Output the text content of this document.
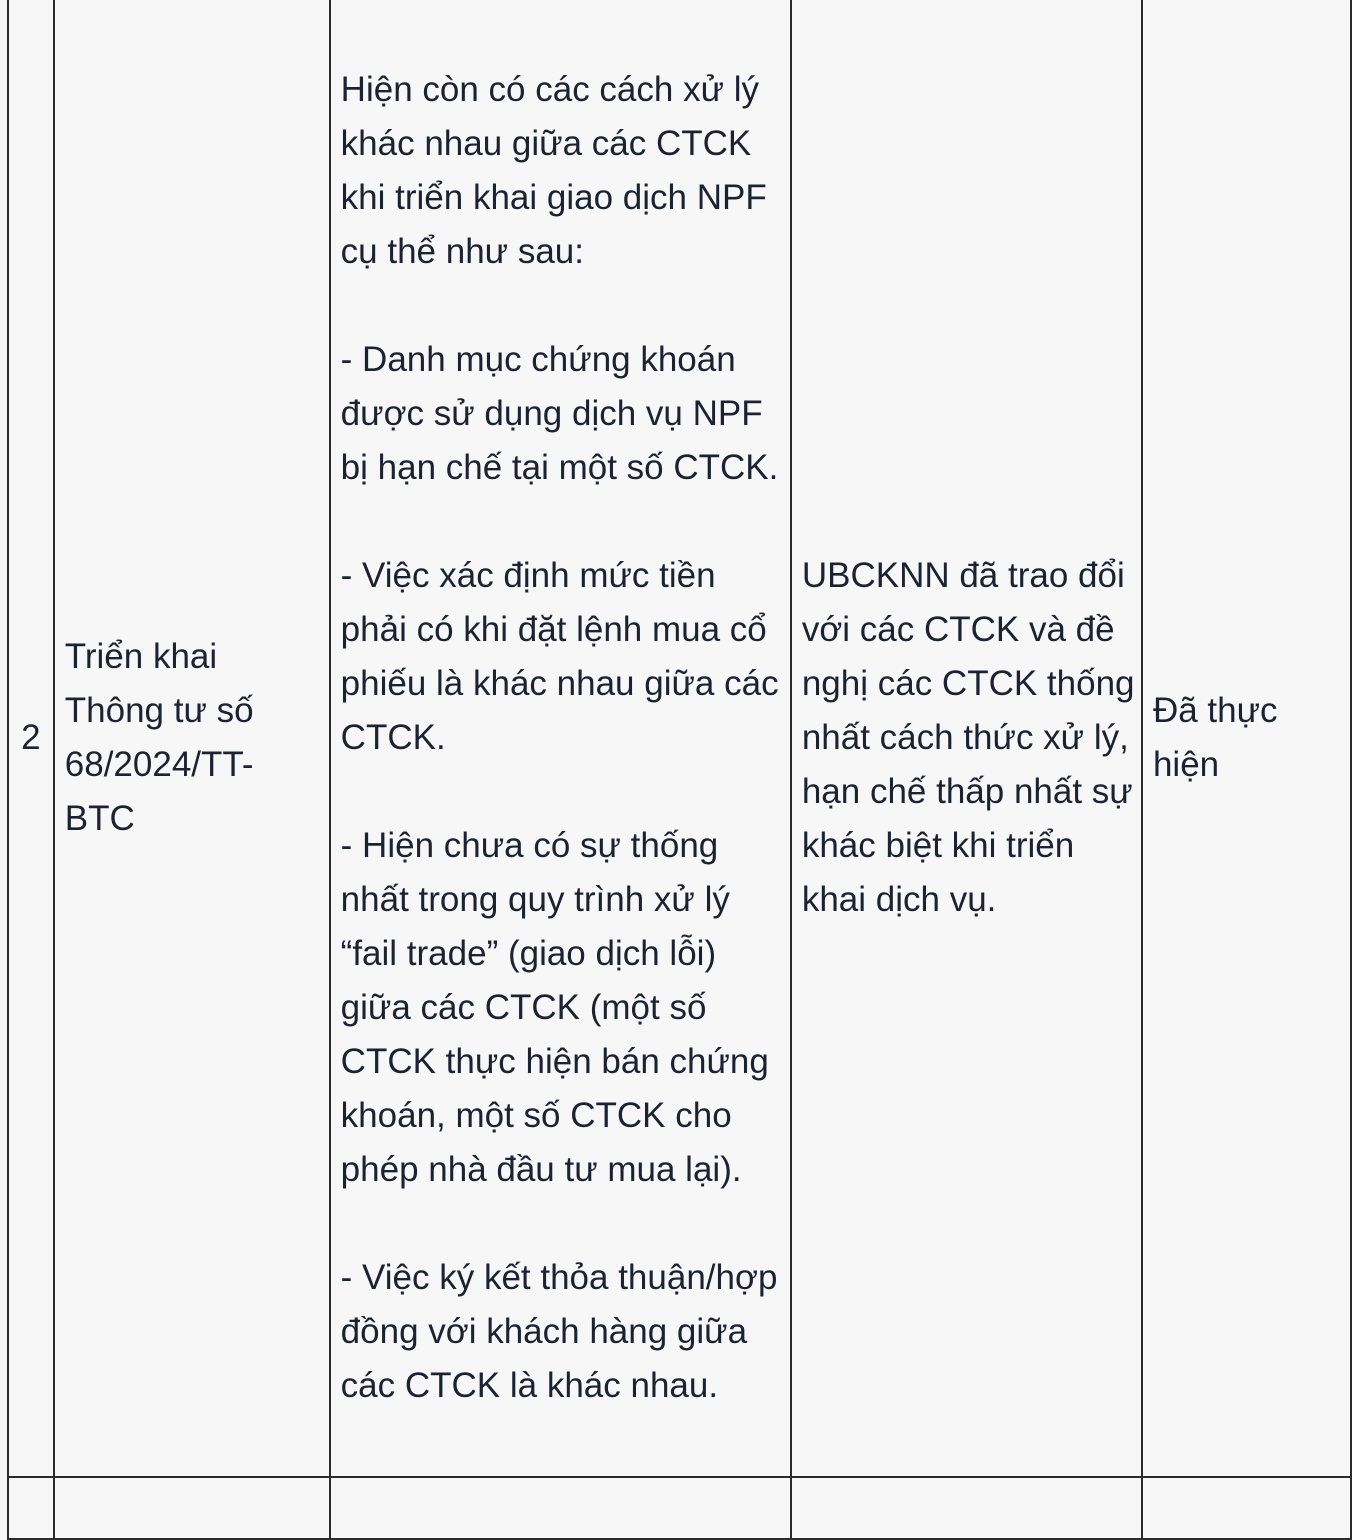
2	Triển khai Thông tư số 68/2024/TT-BTC	Hiện còn có các cách xử lý khác nhau giữa các CTCK khi triển khai giao dịch NPF cụ thể như sau:
- Danh mục chứng khoán được sử dụng dịch vụ NPF bị hạn chế tại một số CTCK.
- Việc xác định mức tiền phải có khi đặt lệnh mua cổ phiếu là khác nhau giữa các CTCK.
- Hiện chưa có sự thống nhất trong quy trình xử lý “fail trade” (giao dịch lỗi) giữa các CTCK (một số CTCK thực hiện bán chứng khoán, một số CTCK cho phép nhà đầu tư mua lại).
- Việc ký kết thỏa thuận/hợp đồng với khách hàng giữa các CTCK là khác nhau.	UBCKNN đã trao đổi với các CTCK và đề nghị các CTCK thống nhất cách thức xử lý, hạn chế thấp nhất sự khác biệt khi triển khai dịch vụ.	Đã thực hiện
